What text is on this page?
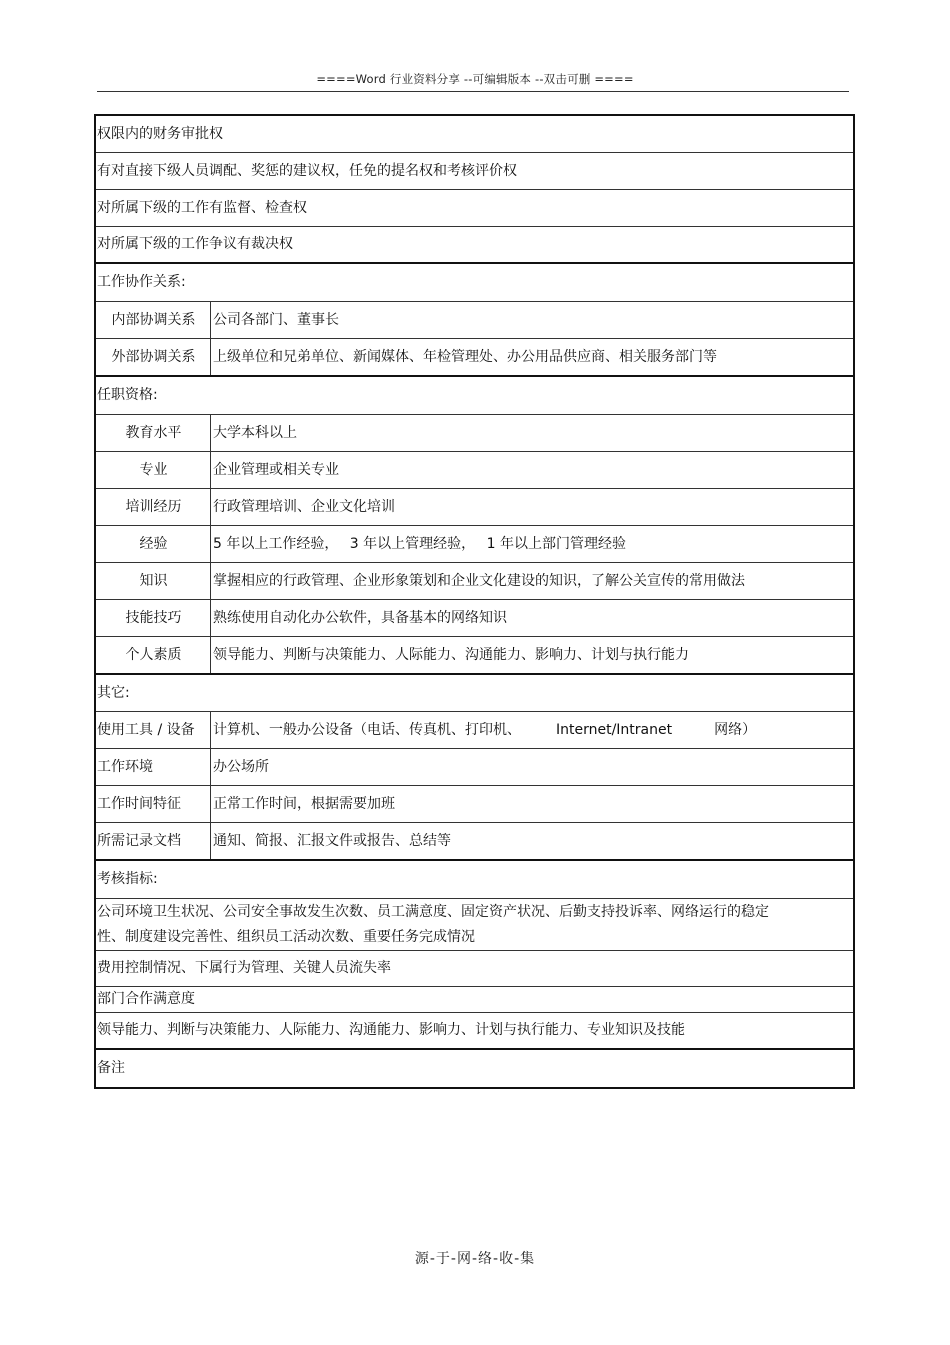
====Word 行业资料分享 --可编辑版本 --双击可删 ====
权限内的财务审批权
有对直接下级人员调配、奖惩的建议权，任免的提名权和考核评价权
对所属下级的工作有监督、检查权
对所属下级的工作争议有裁决权
工作协作关系:
内部协调关系	公司各部门、董事长
外部协调关系	上级单位和兄弟单位、新闻媒体、年检管理处、办公用品供应商、相关服务部门等
任职资格:
教育水平	大学本科以上
专业	企业管理或相关专业
培训经历	行政管理培训、企业文化培训
经验	5 年以上工作经验，　 3 年以上管理经验，　 1 年以上部门管理经验
知识	掌握相应的行政管理、企业形象策划和企业文化建设的知识，了解公关宣传的常用做法
技能技巧	熟练使用自动化办公软件，具备基本的网络知识
个人素质	领导能力、判断与决策能力、人际能力、沟通能力、影响力、计划与执行能力
其它:
使用工具 / 设备	计算机、一般办公设备（电话、传真机、打印机、　　　Internet/Intranet　　　网络）
工作环境	办公场所
工作时间特征	正常工作时间，根据需要加班
所需记录文档	通知、简报、汇报文件或报告、总结等
考核指标:
公司环境卫生状况、公司安全事故发生次数、员工满意度、固定资产状况、后勤支持投诉率、网络运行的稳定性、制度建设完善性、组织员工活动次数、重要任务完成情况
费用控制情况、下属行为管理、关键人员流失率
部门合作满意度
领导能力、判断与决策能力、人际能力、沟通能力、影响力、计划与执行能力、专业知识及技能
备注
源-于-网-络-收-集
